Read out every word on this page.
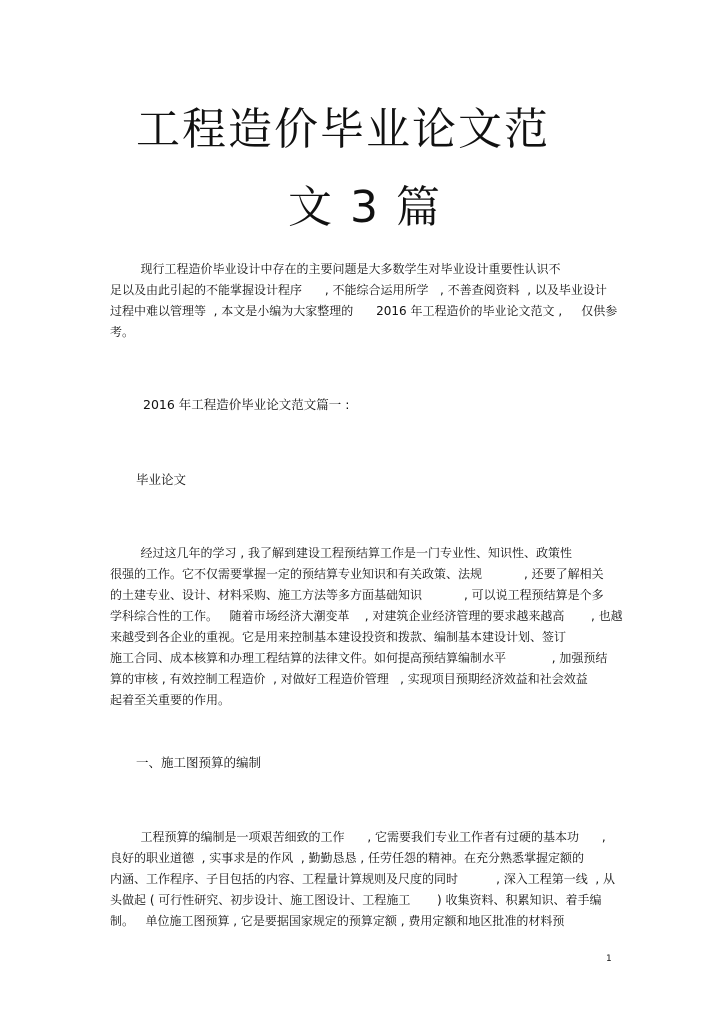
工程造价毕业论文范
文 3 篇
现行工程造价毕业设计中存在的主要问题是大多数学生对毕业设计重要性认识不
足以及由此引起的不能掌握设计程序      , 不能综合运用所学   , 不善查阅资料  , 以及毕业设计
过程中难以管理等  , 本文是小编为大家整理的      2016 年工程造价的毕业论文范文 ,     仅供参
考。
2016 年工程造价毕业论文范文篇一 :
毕业论文
经过这几年的学习 , 我了解到建设工程预结算工作是一门专业性、知识性、政策性
很强的工作。它不仅需要掌握一定的预结算专业知识和有关政策、法规           , 还要了解相关
的土建专业、设计、材料采购、施工方法等多方面基础知识           , 可以说工程预结算是个多
学科综合性的工作。   随着市场经济大潮变革    , 对建筑企业经济管理的要求越来越高       , 也越
来越受到各企业的重视。它是用来控制基本建设投资和拨款、编制基本建设计划、签订
施工合同、成本核算和办理工程结算的法律文件。如何提高预结算编制水平            , 加强预结
算的审核 , 有效控制工程造价  , 对做好工程造价管理   , 实现项目预期经济效益和社会效益
起着至关重要的作用。
一、施工图预算的编制
工程预算的编制是一项艰苦细致的工作      , 它需要我们专业工作者有过硬的基本功      ,
良好的职业道德  , 实事求是的作风  , 勤勤恳恳 , 任劳任怨的精神。在充分熟悉掌握定额的
内涵、工作程序、子目包括的内容、工程量计算规则及尺度的同时          , 深入工程第一线  , 从
头做起 ( 可行性研究、初步设计、施工图设计、工程施工       ) 收集资料、积累知识、着手编
制。   单位施工图预算 , 它是要据国家规定的预算定额 , 费用定额和地区批准的材料预
1
